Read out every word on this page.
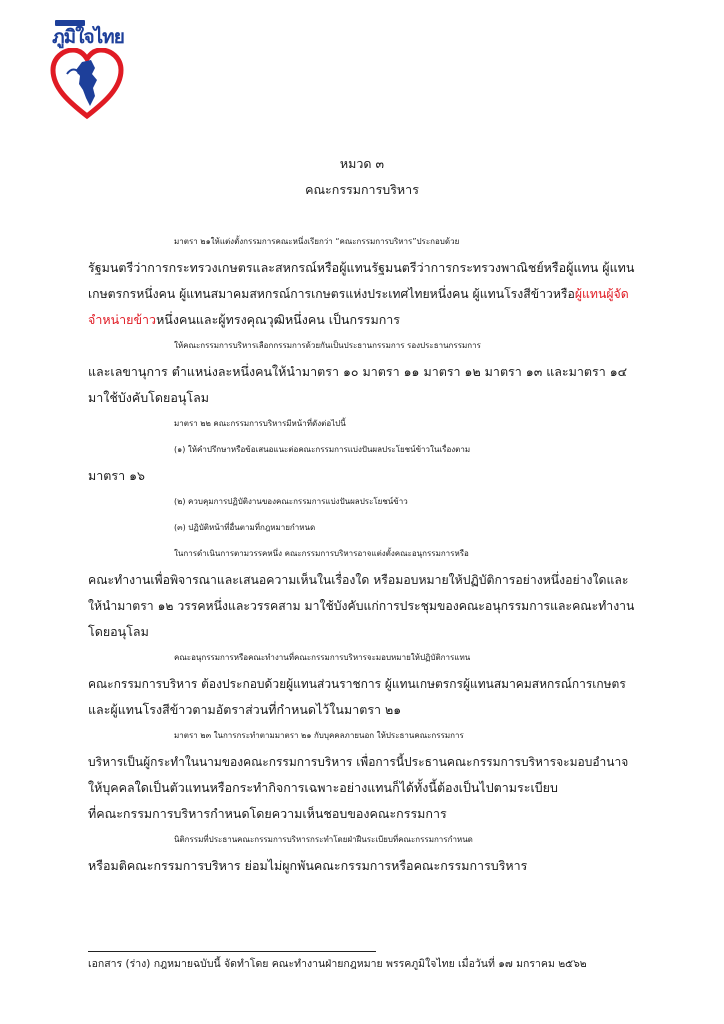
ภูมิใจไทย
หมวด ๓
คณะกรรมการบริหาร
มาตรา ๒๑ให้แต่งตั้งกรรมการคณะหนึ่งเรียกว่า “คณะกรรมการบริหาร”ประกอบด้วย
รัฐมนตรีว่าการกระทรวงเกษตรและสหกรณ์หรือผู้แทนรัฐมนตรีว่าการกระทรวงพาณิชย์หรือผู้แทน ผู้แทน
เกษตรกรหนึ่งคน ผู้แทนสมาคมสหกรณ์การเกษตรแห่งประเทศไทยหนึ่งคน ผู้แทนโรงสีข้าวหรือผู้แทนผู้จัด
จำหน่ายข้าวหนึ่งคนและผู้ทรงคุณวุฒิหนึ่งคน เป็นกรรมการ
ให้คณะกรรมการบริหารเลือกกรรมการด้วยกันเป็นประธานกรรมการ รองประธานกรรมการ
และเลขานุการ ตำแหน่งละหนึ่งคนให้นำมาตรา ๑๐ มาตรา ๑๑ มาตรา ๑๒ มาตรา ๑๓ และมาตรา ๑๔
มาใช้บังคับโดยอนุโลม
มาตรา ๒๒ คณะกรรมการบริหารมีหน้าที่ดังต่อไปนี้
(๑) ให้คำปรึกษาหรือข้อเสนอแนะต่อคณะกรรมการแบ่งปันผลประโยชน์ข้าวในเรื่องตาม
มาตรา ๑๖
(๒) ควบคุมการปฏิบัติงานของคณะกรรมการแบ่งปันผลประโยชน์ข้าว
(๓) ปฏิบัติหน้าที่อื่นตามที่กฎหมายกำหนด
ในการดำเนินการตามวรรคหนึ่ง คณะกรรมการบริหารอาจแต่งตั้งคณะอนุกรรมการหรือ
คณะทำงานเพื่อพิจารณาและเสนอความเห็นในเรื่องใด หรือมอบหมายให้ปฏิบัติการอย่างหนึ่งอย่างใดและ
ให้นำมาตรา ๑๒ วรรคหนึ่งและวรรคสาม มาใช้บังคับแก่การประชุมของคณะอนุกรรมการและคณะทำงาน
โดยอนุโลม
คณะอนุกรรมการหรือคณะทำงานที่คณะกรรมการบริหารจะมอบหมายให้ปฏิบัติการแทน
คณะกรรมการบริหาร ต้องประกอบด้วยผู้แทนส่วนราชการ ผู้แทนเกษตรกรผู้แทนสมาคมสหกรณ์การเกษตร
และผู้แทนโรงสีข้าวตามอัตราส่วนที่กำหนดไว้ในมาตรา ๒๑
มาตรา ๒๓ ในการกระทำตามมาตรา ๒๑ กับบุคคลภายนอก ให้ประธานคณะกรรมการ
บริหารเป็นผู้กระทำในนามของคณะกรรมการบริหาร เพื่อการนี้ประธานคณะกรรมการบริหารจะมอบอำนาจ
ให้บุคคลใดเป็นตัวแทนหรือกระทำกิจการเฉพาะอย่างแทนก็ได้ทั้งนี้ต้องเป็นไปตามระเบียบ
ที่คณะกรรมการบริหารกำหนดโดยความเห็นชอบของคณะกรรมการ
นิติกรรมที่ประธานคณะกรรมการบริหารกระทำโดยฝ่าฝืนระเบียบที่คณะกรรมการกำหนด
หรือมติคณะกรรมการบริหาร ย่อมไม่ผูกพันคณะกรรมการหรือคณะกรรมการบริหาร
เอกสาร (ร่าง) กฎหมายฉบับนี้ จัดทำโดย คณะทำงานฝ่ายกฎหมาย พรรคภูมิใจไทย เมื่อวันที่ ๑๗ มกราคม ๒๕๖๒
